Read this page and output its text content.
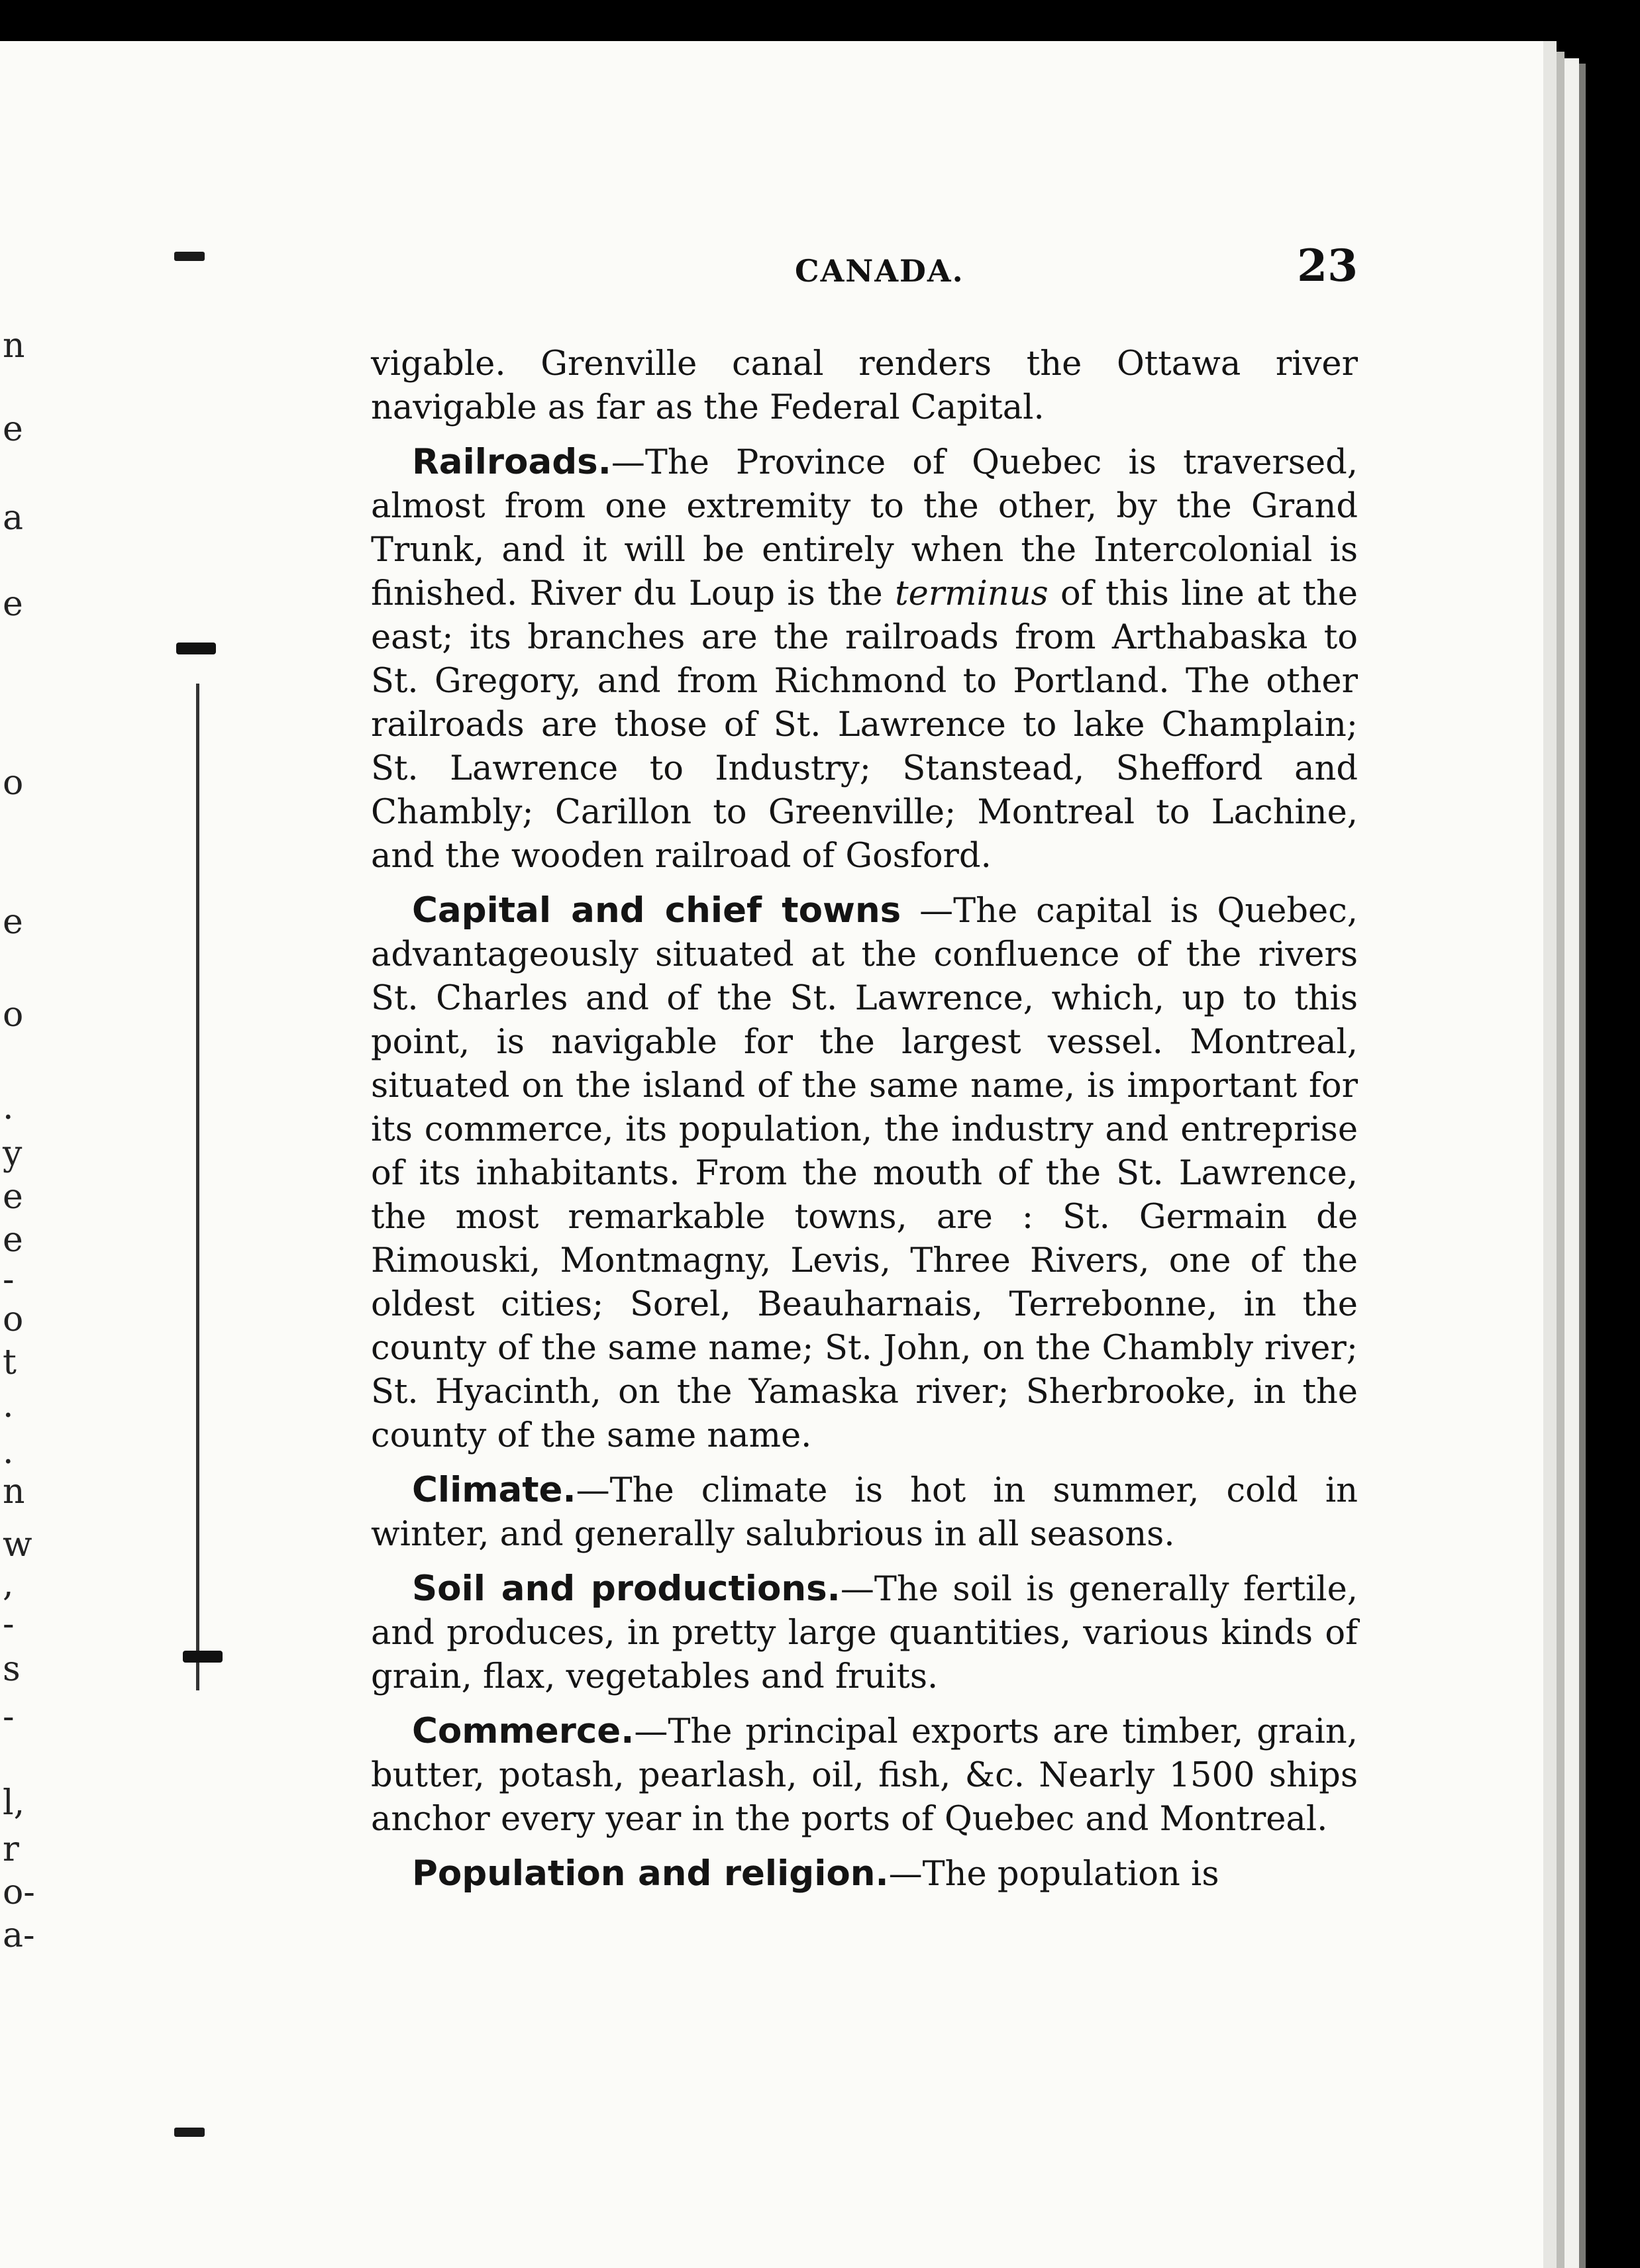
n
e
a
e
o
e
o
.
y
e
e
-
o
t
.
.
n
w
,
-
s
-
l,
r
o-
a-
CANADA.	23

vigable. Grenville canal renders the Ottawa river navigable as far as the Federal Capital.

Railroads.—The Province of Quebec is traversed, almost from one extremity to the other, by the Grand Trunk, and it will be entirely when the Intercolonial is finished. River du Loup is the terminus of this line at the east; its branches are the railroads from Arthabaska to St. Gregory, and from Richmond to Portland. The other railroads are those of St. Lawrence to lake Champlain; St. Lawrence to Industry; Stanstead, Shefford and Chambly; Carillon to Greenville; Montreal to Lachine, and the wooden railroad of Gosford.

Capital and chief towns —The capital is Quebec, advantageously situated at the confluence of the rivers St. Charles and of the St. Lawrence, which, up to this point, is navigable for the largest vessel. Montreal, situated on the island of the same name, is important for its commerce, its population, the industry and entreprise of its inhabitants. From the mouth of the St. Lawrence, the most remarkable towns, are : St. Germain de Rimouski, Montmagny, Levis, Three Rivers, one of the oldest cities; Sorel, Beauharnais, Terrebonne, in the county of the same name; St. John, on the Chambly river; St. Hyacinth, on the Yamaska river; Sherbrooke, in the county of the same name.

Climate.—The climate is hot in summer, cold in winter, and generally salubrious in all seasons.

Soil and productions.—The soil is generally fertile, and produces, in pretty large quantities, various kinds of grain, flax, vegetables and fruits.

Commerce.—The principal exports are timber, grain, butter, potash, pearlash, oil, fish, &c. Nearly 1500 ships anchor every year in the ports of Quebec and Montreal.

Population and religion.—The population is
